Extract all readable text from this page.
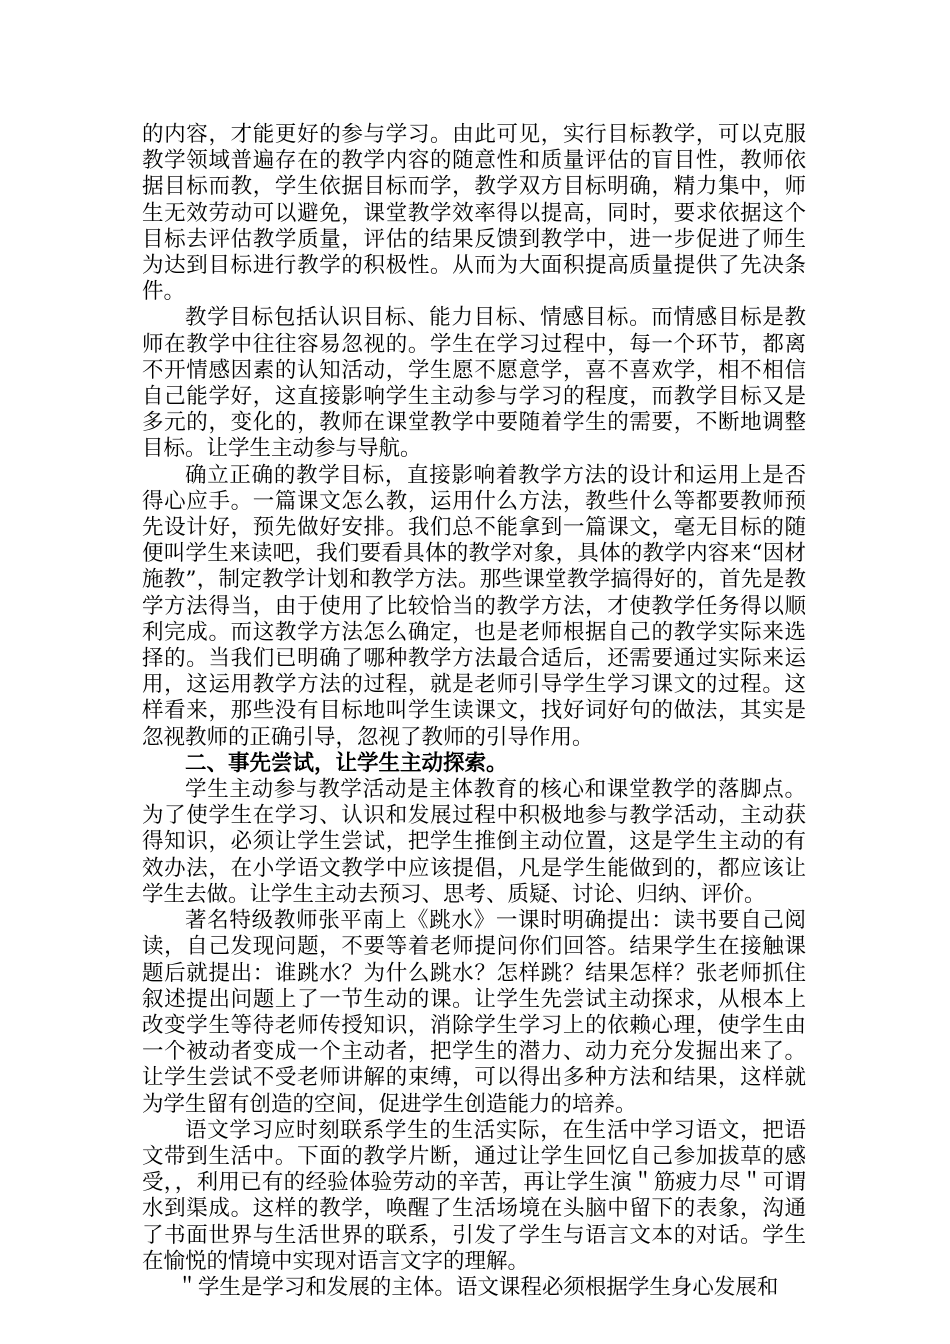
的内容，才能更好的参与学习。由此可见，实行目标教学，可以克服教学领域普遍存在的教学内容的随意性和质量评估的盲目性，教师依据目标而教，学生依据目标而学，教学双方目标明确，精力集中，师生无效劳动可以避免，课堂教学效率得以提高，同时，要求依据这个目标去评估教学质量，评估的结果反馈到教学中，进一步促进了师生为达到目标进行教学的积极性。从而为大面积提高质量提供了先决条件。

教学目标包括认识目标、能力目标、情感目标。而情感目标是教师在教学中往往容易忽视的。学生在学习过程中，每一个环节，都离不开情感因素的认知活动，学生愿不愿意学，喜不喜欢学，相不相信自己能学好，这直接影响学生主动参与学习的程度，而教学目标又是多元的，变化的，教师在课堂教学中要随着学生的需要，不断地调整目标。让学生主动参与导航。

确立正确的教学目标，直接影响着教学方法的设计和运用上是否得心应手。一篇课文怎么教，运用什么方法，教些什么等都要教师预先设计好，预先做好安排。我们总不能拿到一篇课文，毫无目标的随便叫学生来读吧，我们要看具体的教学对象，具体的教学内容来“因材施教”，制定教学计划和教学方法。那些课堂教学搞得好的，首先是教学方法得当，由于使用了比较恰当的教学方法，才使教学任务得以顺利完成。而这教学方法怎么确定，也是老师根据自己的教学实际来选择的。当我们已明确了哪种教学方法最合适后，还需要通过实际来运用，这运用教学方法的过程，就是老师引导学生学习课文的过程。这样看来，那些没有目标地叫学生读课文，找好词好句的做法，其实是忽视教师的正确引导，忽视了教师的引导作用。

二、事先尝试，让学生主动探索。

学生主动参与教学活动是主体教育的核心和课堂教学的落脚点。为了使学生在学习、认识和发展过程中积极地参与教学活动，主动获得知识，必须让学生尝试，把学生推倒主动位置，这是学生主动的有效办法，在小学语文教学中应该提倡，凡是学生能做到的，都应该让学生去做。让学生主动去预习、思考、质疑、讨论、归纳、评价。

著名特级教师张平南上《跳水》一课时明确提出：读书要自己阅读，自己发现问题，不要等着老师提问你们回答。结果学生在接触课题后就提出：谁跳水？为什么跳水？怎样跳？结果怎样？张老师抓住叙述提出问题上了一节生动的课。让学生先尝试主动探求，从根本上改变学生等待老师传授知识，消除学生学习上的依赖心理，使学生由一个被动者变成一个主动者，把学生的潜力、动力充分发掘出来了。让学生尝试不受老师讲解的束缚，可以得出多种方法和结果，这样就为学生留有创造的空间，促进学生创造能力的培养。

语文学习应时刻联系学生的生活实际，在生活中学习语文，把语文带到生活中。下面的教学片断，通过让学生回忆自己参加拔草的感受，，利用已有的经验体验劳动的辛苦，再让学生演＂筋疲力尽＂可谓水到渠成。这样的教学，唤醒了生活场境在头脑中留下的表象，沟通了书面世界与生活世界的联系，引发了学生与语言文本的对话。学生在愉悦的情境中实现对语言文字的理解。

＂学生是学习和发展的主体。语文课程必须根据学生身心发展和
